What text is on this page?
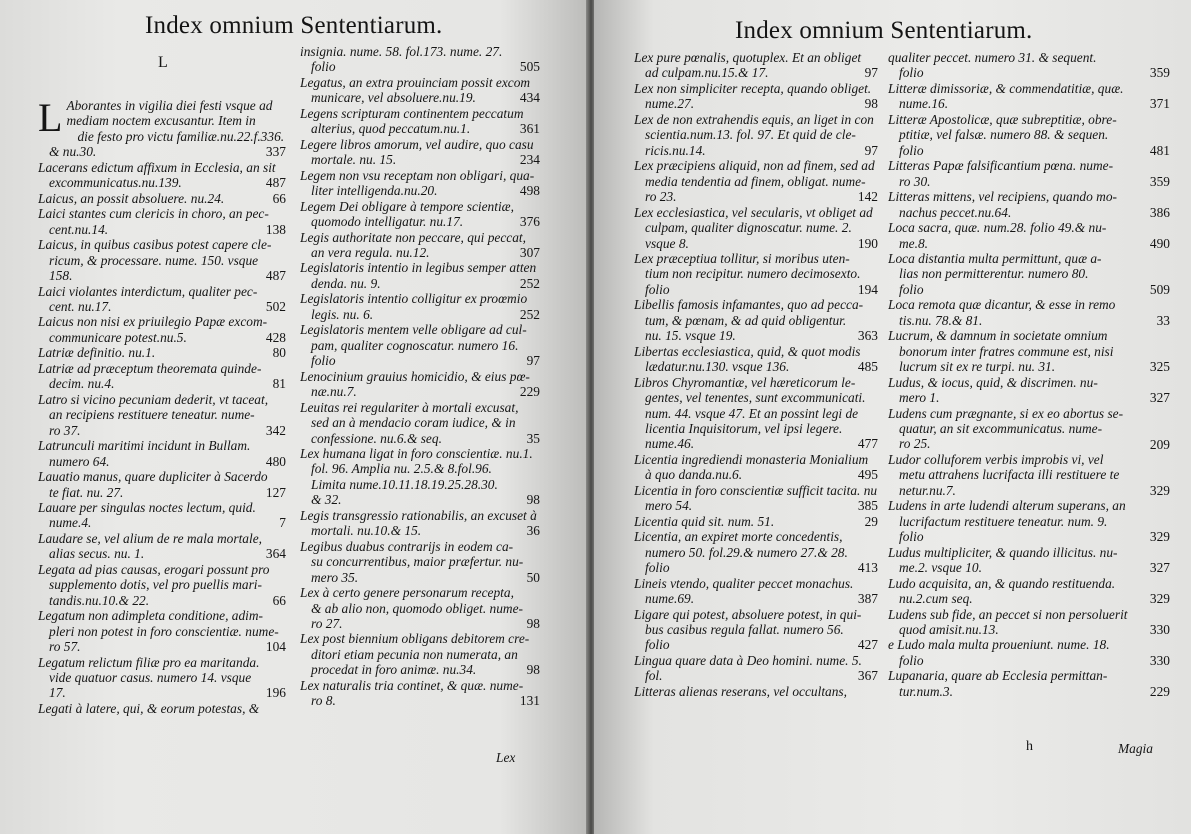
Index omnium Sententiarum.
L
L Aborantes in vigilia diei festi vsque ad
mediam noctem excusantur. Item in
die festo pro victu familiæ.nu.22.f.336.
& nu.30.	337
Lacerans edictum affixum in Ecclesia, an sit
excommunicatus.nu.139.	487
Laicus, an possit absoluere. nu.24.	66
Laici stantes cum clericis in choro, an pec-
cent.nu.14.	138
Laicus, in quibus casibus potest capere cle-
ricum, & processare. nume. 150. vsque
158.	487
Laici violantes interdictum, qualiter pec-
cent. nu.17.	502
Laicus non nisi ex priuilegio Papæ excom-
communicare potest.nu.5.	428
Latriæ definitio. nu.1.	80
Latriæ ad præceptum theoremata quinde-
decim. nu.4.	81
Latro si vicino pecuniam dederit, vt taceat,
an recipiens restituere teneatur. nume-
ro 37.	342
Latrunculi maritimi incidunt in Bullam.
numero 64.	480
Lauatio manus, quare dupliciter à Sacerdo
te fiat. nu. 27.	127
Lauare per singulas noctes lectum, quid.
nume.4.	7
Laudare se, vel alium de re mala mortale,
alias secus. nu. 1.	364
Legata ad pias causas, erogari possunt pro
supplemento dotis, vel pro puellis mari-
tandis.nu.10.& 22.	66
Legatum non adimpleta conditione, adim-
pleri non potest in foro conscientiæ. nume-
ro 57.	104
Legatum relictum filiæ pro ea maritanda.
vide quatuor casus. numero 14. vsque
17.	196
Legati à latere, qui, & eorum potestas, &
insignia. nume. 58. fol.173. nume. 27.
folio	505
Legatus, an extra prouinciam possit excom
municare, vel absoluere.nu.19.	434
Legens scripturam continentem peccatum
alterius, quod peccatum.nu.1.	361
Legere libros amorum, vel audire, quo casu
mortale. nu. 15.	234
Legem non vsu receptam non obligari, qua-
liter intelligenda.nu.20.	498
Legem Dei obligare à tempore scientiæ,
quomodo intelligatur. nu.17.	376
Legis authoritate non peccare, qui peccat,
an vera regula. nu.12.	307
Legislatoris intentio in legibus semper atten
denda. nu. 9.	252
Legislatoris intentio colligitur ex proœmio
legis. nu. 6.	252
Legislatoris mentem velle obligare ad cul-
pam, qualiter cognoscatur. numero 16.
folio	97
Lenocinium grauius homicidio, & eius pœ-
næ.nu.7.	229
Leuitas rei regulariter à mortali excusat,
sed an à mendacio coram iudice, & in
confessione. nu.6.& seq.	35
Lex humana ligat in foro conscientiæ. nu.1.
fol. 96. Amplia nu. 2.5.& 8.fol.96.
Limita nume.10.11.18.19.25.28.30.
& 32.	98
Legis transgressio rationabilis, an excuset à
mortali. nu.10.& 15.	36
Legibus duabus contrarijs in eodem ca-
su concurrentibus, maior præfertur. nu-
mero 35.	50
Lex à certo genere personarum recepta,
& ab alio non, quomodo obliget. nume-
ro 27.	98
Lex post biennium obligans debitorem cre-
ditori etiam pecunia non numerata, an
procedat in foro animæ. nu.34.	98
Lex naturalis tria continet, & quæ. nume-
ro 8.	131
Lex
Index omnium Sententiarum.
Lex pure pœnalis, quotuplex. Et an obliget
ad culpam.nu.15.& 17.	97
Lex non simpliciter recepta, quando obliget.
nume.27.	98
Lex de non extrahendis equis, an liget in con
scientia.num.13. fol. 97. Et quid de cle-
ricis.nu.14.	97
Lex præcipiens aliquid, non ad finem, sed ad
media tendentia ad finem, obligat. nume-
ro 23.	142
Lex ecclesiastica, vel secularis, vt obliget ad
culpam, qualiter dignoscatur. nume. 2.
vsque 8.	190
Lex præceptiua tollitur, si moribus uten-
tium non recipitur. numero decimosexto.
folio	194
Libellis famosis infamantes, quo ad pecca-
tum, & pœnam, & ad quid obligentur.
nu. 15. vsque 19.	363
Libertas ecclesiastica, quid, & quot modis
lædatur.nu.130. vsque 136.	485
Libros Chyromantiæ, vel hæreticorum le-
gentes, vel tenentes, sunt excommunicati.
num. 44. vsque 47. Et an possint legi de
licentia Inquisitorum, vel ipsi legere.
nume.46.	477
Licentia ingrediendi monasteria Monialium
à quo danda.nu.6.	495
Licentia in foro conscientiæ sufficit tacita. nu
mero 54.	385
Licentia quid sit. num. 51.	29
Licentia, an expiret morte concedentis,
numero 50. fol.29.& numero 27.& 28.
folio	413
Lineis vtendo, qualiter peccet monachus.
nume.69.	387
Ligare qui potest, absoluere potest, in qui-
bus casibus regula fallat. numero 56.
folio	427
Lingua quare data à Deo homini. nume. 5.
fol.	367
Litteras alienas reserans, vel occultans,
qualiter peccet. numero 31. & sequent.
folio	359
Litteræ dimissoriæ, & commendatitiæ, quæ.
nume.16.	371
Litteræ Apostolicæ, quæ subreptitiæ, obre-
ptitiæ, vel falsæ. numero 88. & sequen.
folio	481
Litteras Papæ falsificantium pœna. nume-
ro 30.	359
Litteras mittens, vel recipiens, quando mo-
nachus peccet.nu.64.	386
Loca sacra, quæ. num.28. folio 49.& nu-
me.8.	490
Loca distantia multa permittunt, quæ a-
lias non permitterentur. numero 80.
folio	509
Loca remota quæ dicantur, & esse in remo
tis.nu. 78.& 81.	33
Lucrum, & damnum in societate omnium
bonorum inter fratres commune est, nisi
lucrum sit ex re turpi. nu. 31.	325
Ludus, & iocus, quid, & discrimen. nu-
mero 1.	327
Ludens cum prægnante, si ex eo abortus se-
quatur, an sit excommunicatus. nume-
ro 25.	209
Ludor colluforem verbis improbis vi, vel
metu attrahens lucrifacta illi restituere te
netur.nu.7.	329
Ludens in arte ludendi alterum superans, an
lucrifactum restituere teneatur. num. 9.
folio	329
Ludus multipliciter, & quando illicitus. nu-
me.2. vsque 10.	327
Ludo acquisita, an, & quando restituenda.
nu.2.cum seq.	329
Ludens sub fide, an peccet si non persoluerit
quod amisit.nu.13.	330
e Ludo mala multa proueniunt. nume. 18.
folio	330
Lupanaria, quare ab Ecclesia permittan-
tur.num.3.	229
h	Magia
